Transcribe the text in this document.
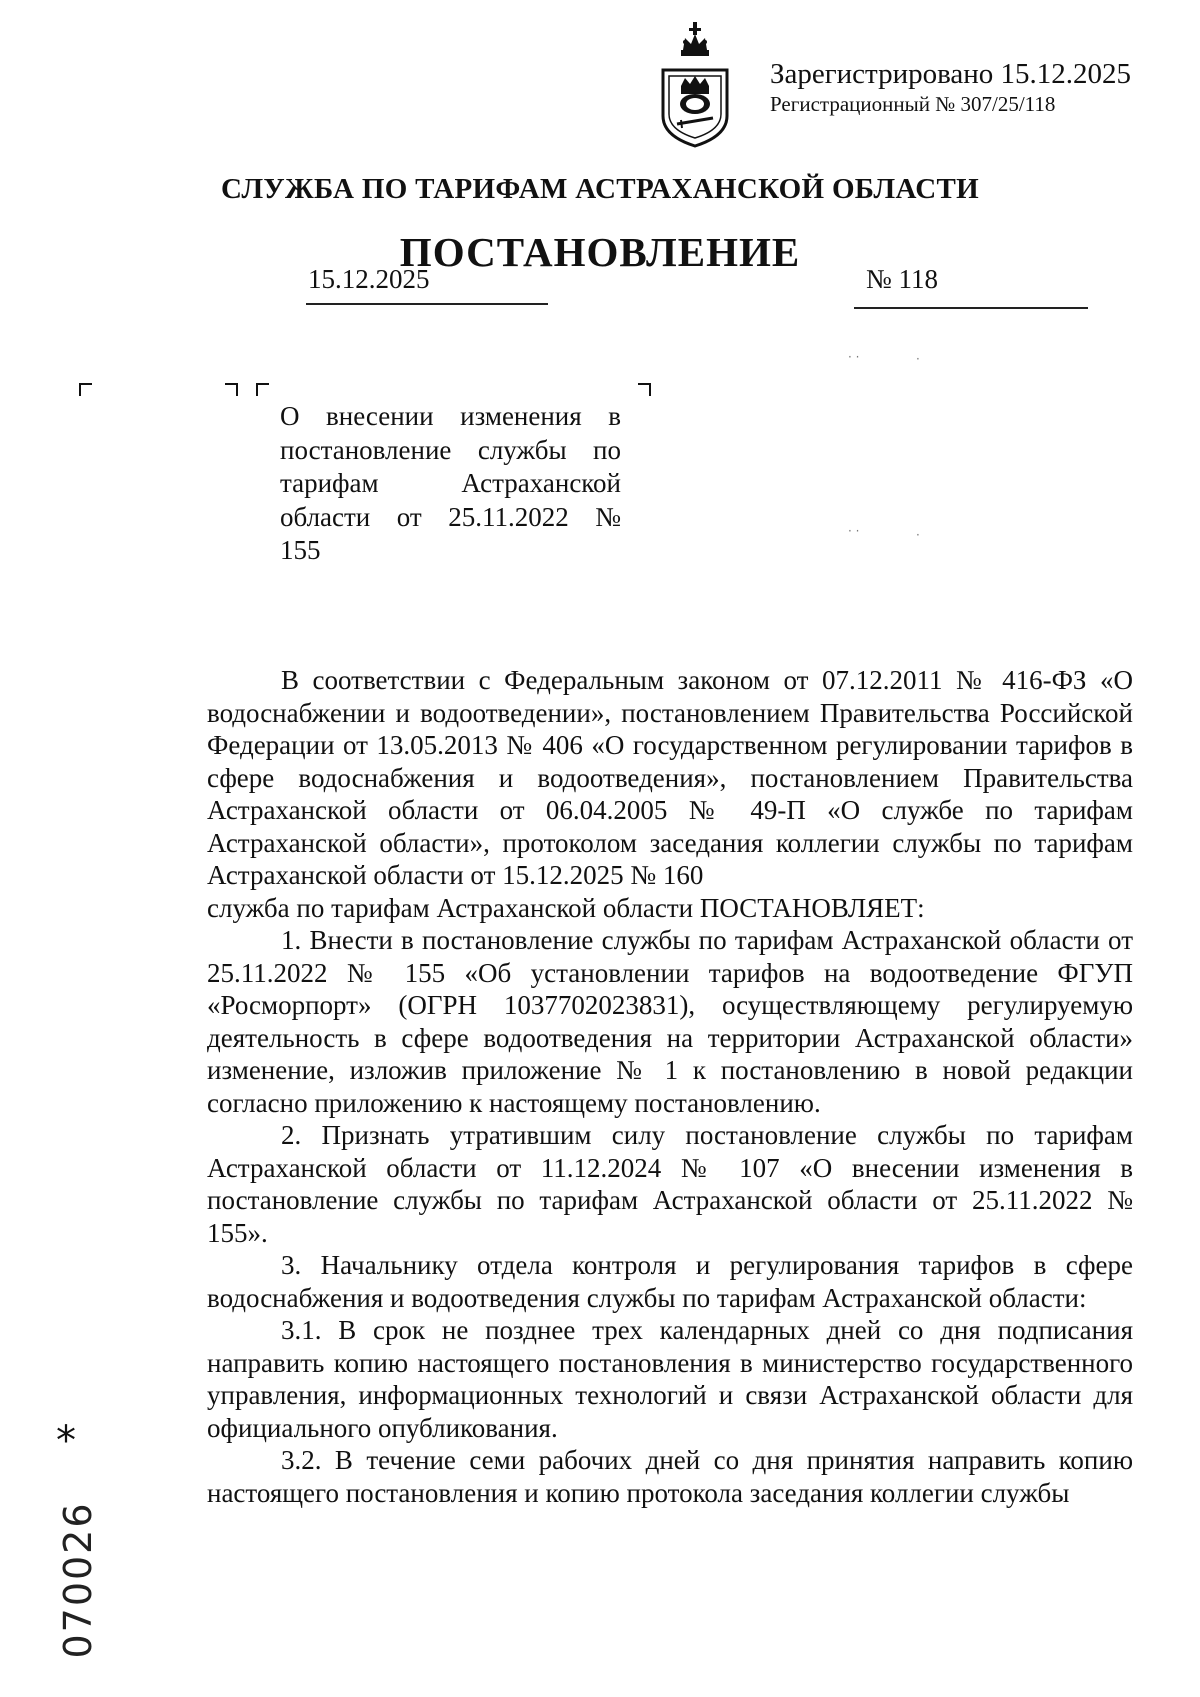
Зарегистрировано 15.12.2025
Регистрационный № 307/25/118
СЛУЖБА ПО ТАРИФАМ АСТРАХАНСКОЙ ОБЛАСТИ
ПОСТАНОВЛЕНИЕ
15.12.2025	№ 118
· ·	·
· ·	·
О внесении изменения в
постановление службы по
тарифам Астраханской
области от 25.11.2022 №
155

В соответствии с Федеральным законом от 07.12.2011 № 416-ФЗ «О водоснабжении и водоотведении», постановлением Правительства Российской Федерации от 13.05.2013 № 406 «О государственном регулировании тарифов в сфере водоснабжения и водоотведения», постановлением Правительства Астраханской области от 06.04.2005 № 49-П «О службе по тарифам Астраханской области», протоколом заседания коллегии службы по тарифам Астраханской области от 15.12.2025 № 160

служба по тарифам Астраханской области ПОСТАНОВЛЯЕТ:

1. Внести в постановление службы по тарифам Астраханской области от 25.11.2022 № 155 «Об установлении тарифов на водоотведение ФГУП «Росморпорт» (ОГРН 1037702023831), осуществляющему регулируемую деятельность в сфере водоотведения на территории Астраханской области» изменение, изложив приложение № 1 к постановлению в новой редакции согласно приложению к настоящему постановлению.

2. Признать утратившим силу постановление службы по тарифам Астраханской области от 11.12.2024 № 107 «О внесении изменения в постановление службы по тарифам Астраханской области от 25.11.2022 № 155».

3. Начальнику отдела контроля и регулирования тарифов в сфере водоснабжения и водоотведения службы по тарифам Астраханской области:

3.1. В срок не позднее трех календарных дней со дня подписания направить копию настоящего постановления в министерство государственного управления, информационных технологий и связи Астраханской области для официального опубликования.

3.2. В течение семи рабочих дней со дня принятия направить копию настоящего постановления и копию протокола заседания коллегии службы

*
070026
